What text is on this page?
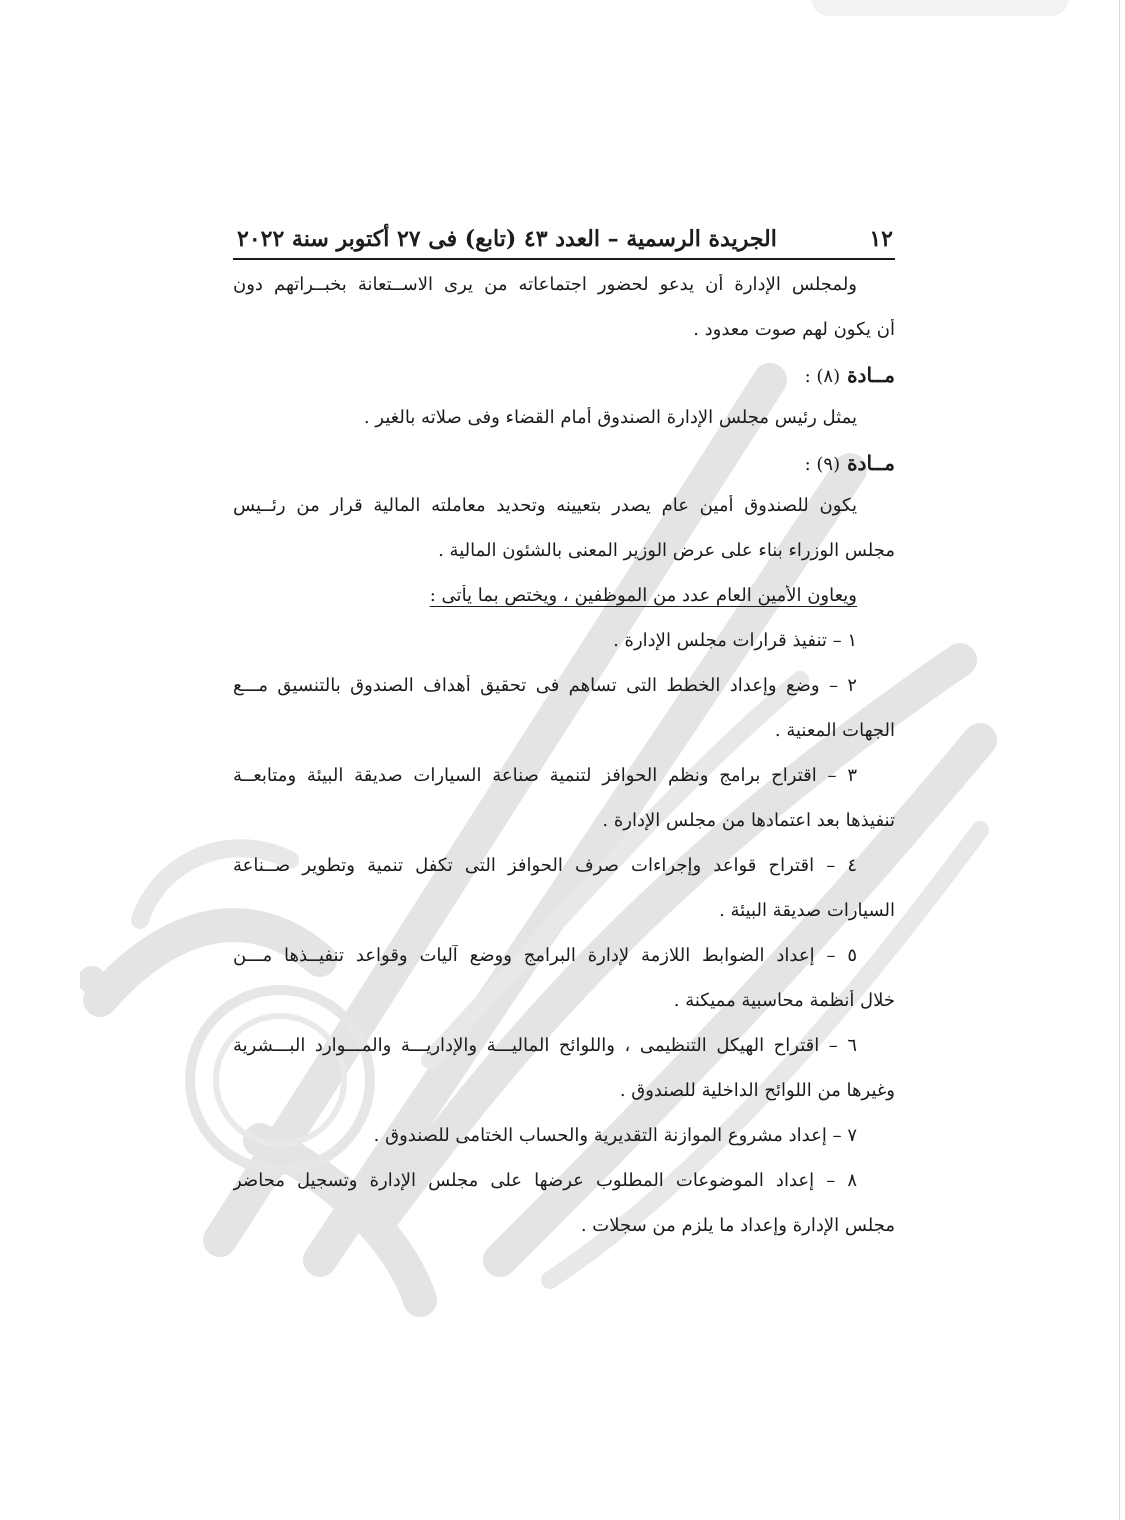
١٢
الجريدة الرسمية – العدد ٤٣ (تابع) فى ٢٧ أكتوبر سنة ٢٠٢٢
ولمجلس الإدارة أن يدعو لحضور اجتماعاته من يرى الاســتعانة بخبــراتهم دون
أن يكون لهم صوت معدود .
مــادة (٨) :
يمثل رئيس مجلس الإدارة الصندوق أمام القضاء وفى صلاته بالغير .
مــادة (٩) :
يكون للصندوق أمين عام يصدر بتعيينه وتحديد معاملته المالية قرار من رئــيس
مجلس الوزراء بناء على عرض الوزير المعنى بالشئون المالية .
ويعاون الأمين العام عدد من الموظفين ، ويختص بما يأتى :
١ – تنفيذ قرارات مجلس الإدارة .
٢ – وضع وإعداد الخطط التى تساهم فى تحقيق أهداف الصندوق بالتنسيق مـــع
الجهات المعنية .
٣ – اقتراح برامج ونظم الحوافز لتنمية صناعة السيارات صديقة البيئة ومتابعــة
تنفيذها بعد اعتمادها من مجلس الإدارة .
٤ – اقتراح قواعد وإجراءات صرف الحوافز التى تكفل تنمية وتطوير صــناعة
السيارات صديقة البيئة .
٥ – إعداد الضوابط اللازمة لإدارة البرامج ووضع آليات وقواعد تنفيــذها مـــن
خلال أنظمة محاسبية مميكنة .
٦ – اقتراح الهيكل التنظيمى ، واللوائح الماليـــة والإداريـــة والمـــوارد البـــشرية
وغيرها من اللوائح الداخلية للصندوق .
٧ – إعداد مشروع الموازنة التقديرية والحساب الختامى للصندوق .
٨ – إعداد الموضوعات المطلوب عرضها على مجلس الإدارة وتسجيل محاضر
مجلس الإدارة وإعداد ما يلزم من سجلات .
